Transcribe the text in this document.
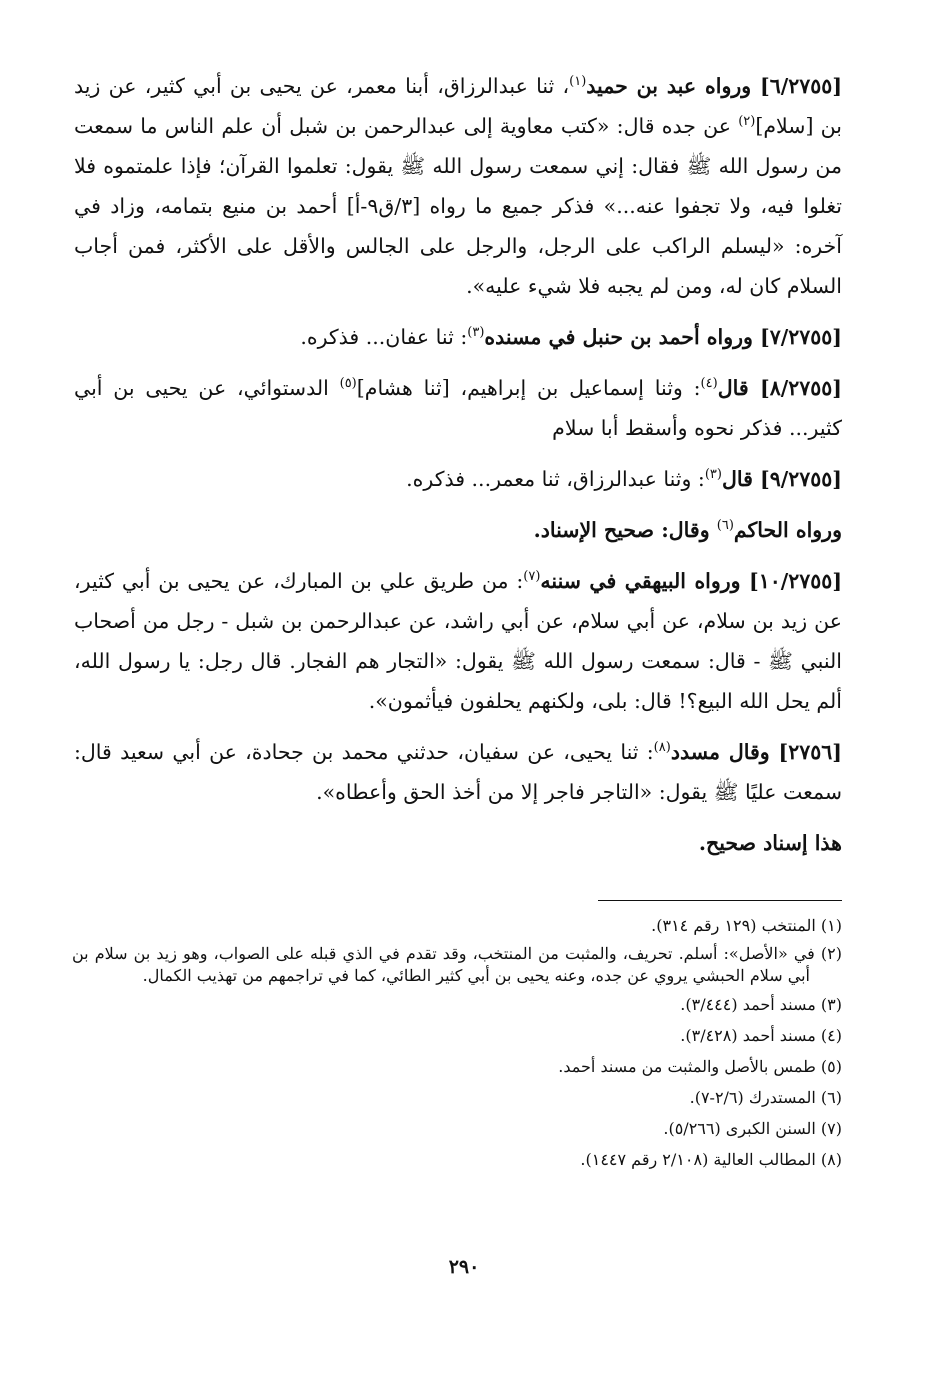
[٦/٢٧٥٥] ورواه عبد بن حميد$^{(١)}$، ثنا عبدالرزاق، أبنا معمر، عن يحيى بن أبي كثير، عن زيد بن [سلام]$^{(٢)}$ عن جده قال: «كتب معاوية إلى عبدالرحمن بن شبل أن علم الناس ما سمعت من رسول الله ﷺ فقال: إني سمعت رسول الله ﷺ يقول: تعلموا القرآن؛ فإذا علمتموه فلا تغلوا فيه، ولا تجفوا عنه...» فذكر جميع ما رواه [٣/ق٩-أ] أحمد بن منيع بتمامه، وزاد في آخره: «ليسلم الراكب على الرجل، والرجل على الجالس والأقل على الأكثر، فمن أجاب السلام كان له، ومن لم يجبه فلا شيء عليه».

[٧/٢٧٥٥] ورواه أحمد بن حنبل في مسنده$^{(٣)}$: ثنا عفان... فذكره.

[٨/٢٧٥٥] قال$^{(٤)}$: وثنا إسماعيل بن إبراهيم، [ثنا هشام]$^{(٥)}$ الدستوائي، عن يحيى بن أبي كثير... فذكر نحوه وأسقط أبا سلام

[٩/٢٧٥٥] قال$^{(٣)}$: وثنا عبدالرزاق، ثنا معمر... فذكره.

ورواه الحاكم$^{(٦)}$ وقال: صحيح الإسناد.

[١٠/٢٧٥٥] ورواه البيهقي في سننه$^{(٧)}$: من طريق علي بن المبارك، عن يحيى بن أبي كثير، عن زيد بن سلام، عن أبي سلام، عن أبي راشد، عن عبدالرحمن بن شبل - رجل من أصحاب النبي ﷺ - قال: سمعت رسول الله ﷺ يقول: «التجار هم الفجار. قال رجل: يا رسول الله، ألم يحل الله البيع؟! قال: بلى، ولكنهم يحلفون فيأثمون».

[٢٧٥٦] وقال مسدد$^{(٨)}$: ثنا يحيى، عن سفيان، حدثني محمد بن جحادة، عن أبي سعيد قال: سمعت عليًا ﷺ يقول: «التاجر فاجر إلا من أخذ الحق وأعطاه».

هذا إسناد صحيح.

(١) المنتخب (١٢٩ رقم ٣١٤).

(٢) في «الأصل»: أسلم. تحريف، والمثبت من المنتخب، وقد تقدم في الذي قبله على الصواب، وهو زيد بن سلام بن أبي سلام الحبشي يروي عن جده، وعنه يحيى بن أبي كثير الطائي، كما في تراجمهم من تهذيب الكمال.

(٣) مسند أحمد (٣/٤٤٤).

(٤) مسند أحمد (٣/٤٢٨).

(٥) طمس بالأصل والمثبت من مسند أحمد.

(٦) المستدرك (٢/٦-٧).

(٧) السنن الكبرى (٥/٢٦٦).

(٨) المطالب العالية (٢/١٠٨ رقم ١٤٤٧).

٢٩٠
